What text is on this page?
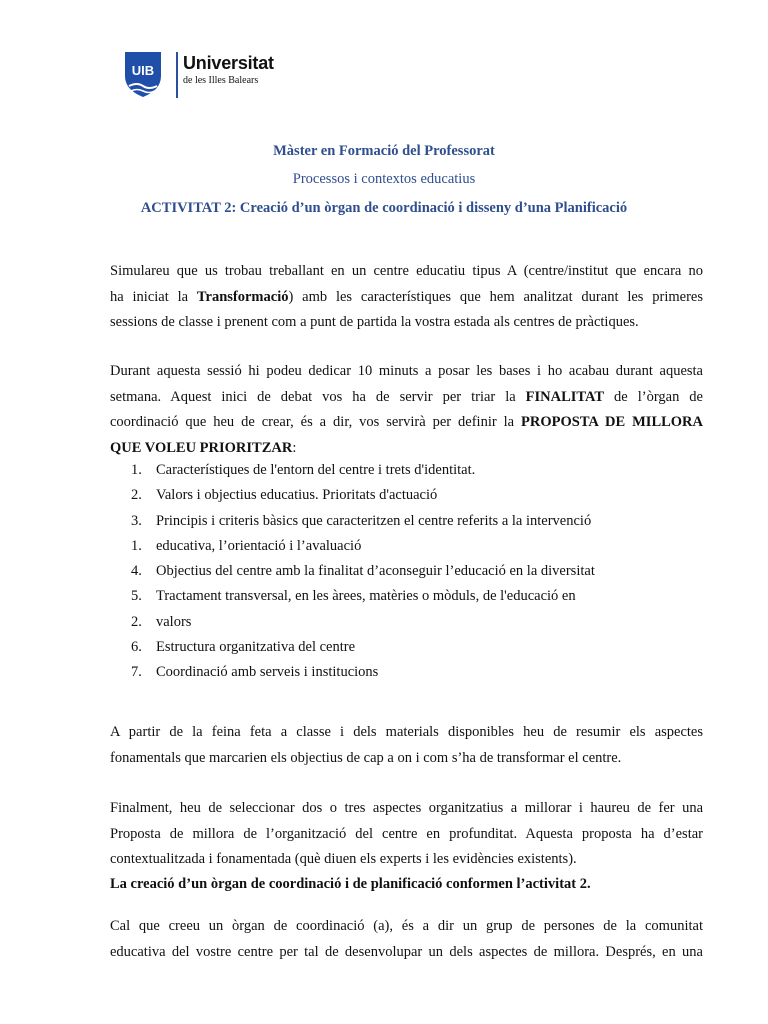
UIB Universitat
de les Illes Balears
Màster en Formació del Professorat
Processos i contextos educatius
ACTIVITAT 2: Creació d’un òrgan de coordinació i disseny d’una Planificació
Simulareu que us trobau treballant en un centre educatiu tipus A (centre/institut que encara no
ha iniciat la Transformació) amb les característiques que hem analitzat durant les primeres
sessions de classe i prenent com a punt de partida la vostra estada als centres de pràctiques.
Durant aquesta sessió hi podeu dedicar 10 minuts a posar les bases i ho acabau durant aquesta
setmana. Aquest inici de debat vos ha de servir per triar la FINALITAT de l’òrgan de
coordinació que heu de crear, és a dir, vos servirà per definir la PROPOSTA DE MILLORA
QUE VOLEU PRIORITZAR:
1. Característiques de l'entorn del centre i trets d'identitat.
2. Valors i objectius educatius. Prioritats d'actuació
3. Principis i criteris bàsics que caracteritzen el centre referits a la intervenció
1. educativa, l’orientació i l’avaluació
4. Objectius del centre amb la finalitat d’aconseguir l’educació en la diversitat
5. Tractament transversal, en les àrees, matèries o mòduls, de l'educació en
2. valors
6. Estructura organitzativa del centre
7. Coordinació amb serveis i institucions
A partir de la feina feta a classe i dels materials disponibles heu de resumir els aspectes
fonamentals que marcarien els objectius de cap a on i com s’ha de transformar el centre.
Finalment, heu de seleccionar dos o tres aspectes organitzatius a millorar i haureu de fer una
Proposta de millora de l’organització del centre en profunditat. Aquesta proposta ha d’estar
contextualitzada i fonamentada (què diuen els experts i les evidències existents).
La creació d’un òrgan de coordinació i de planificació conformen l’activitat 2.
Cal que creeu un òrgan de coordinació (a), és a dir un grup de persones de la comunitat
educativa del vostre centre per tal de desenvolupar un dels aspectes de millora. Després, en una
